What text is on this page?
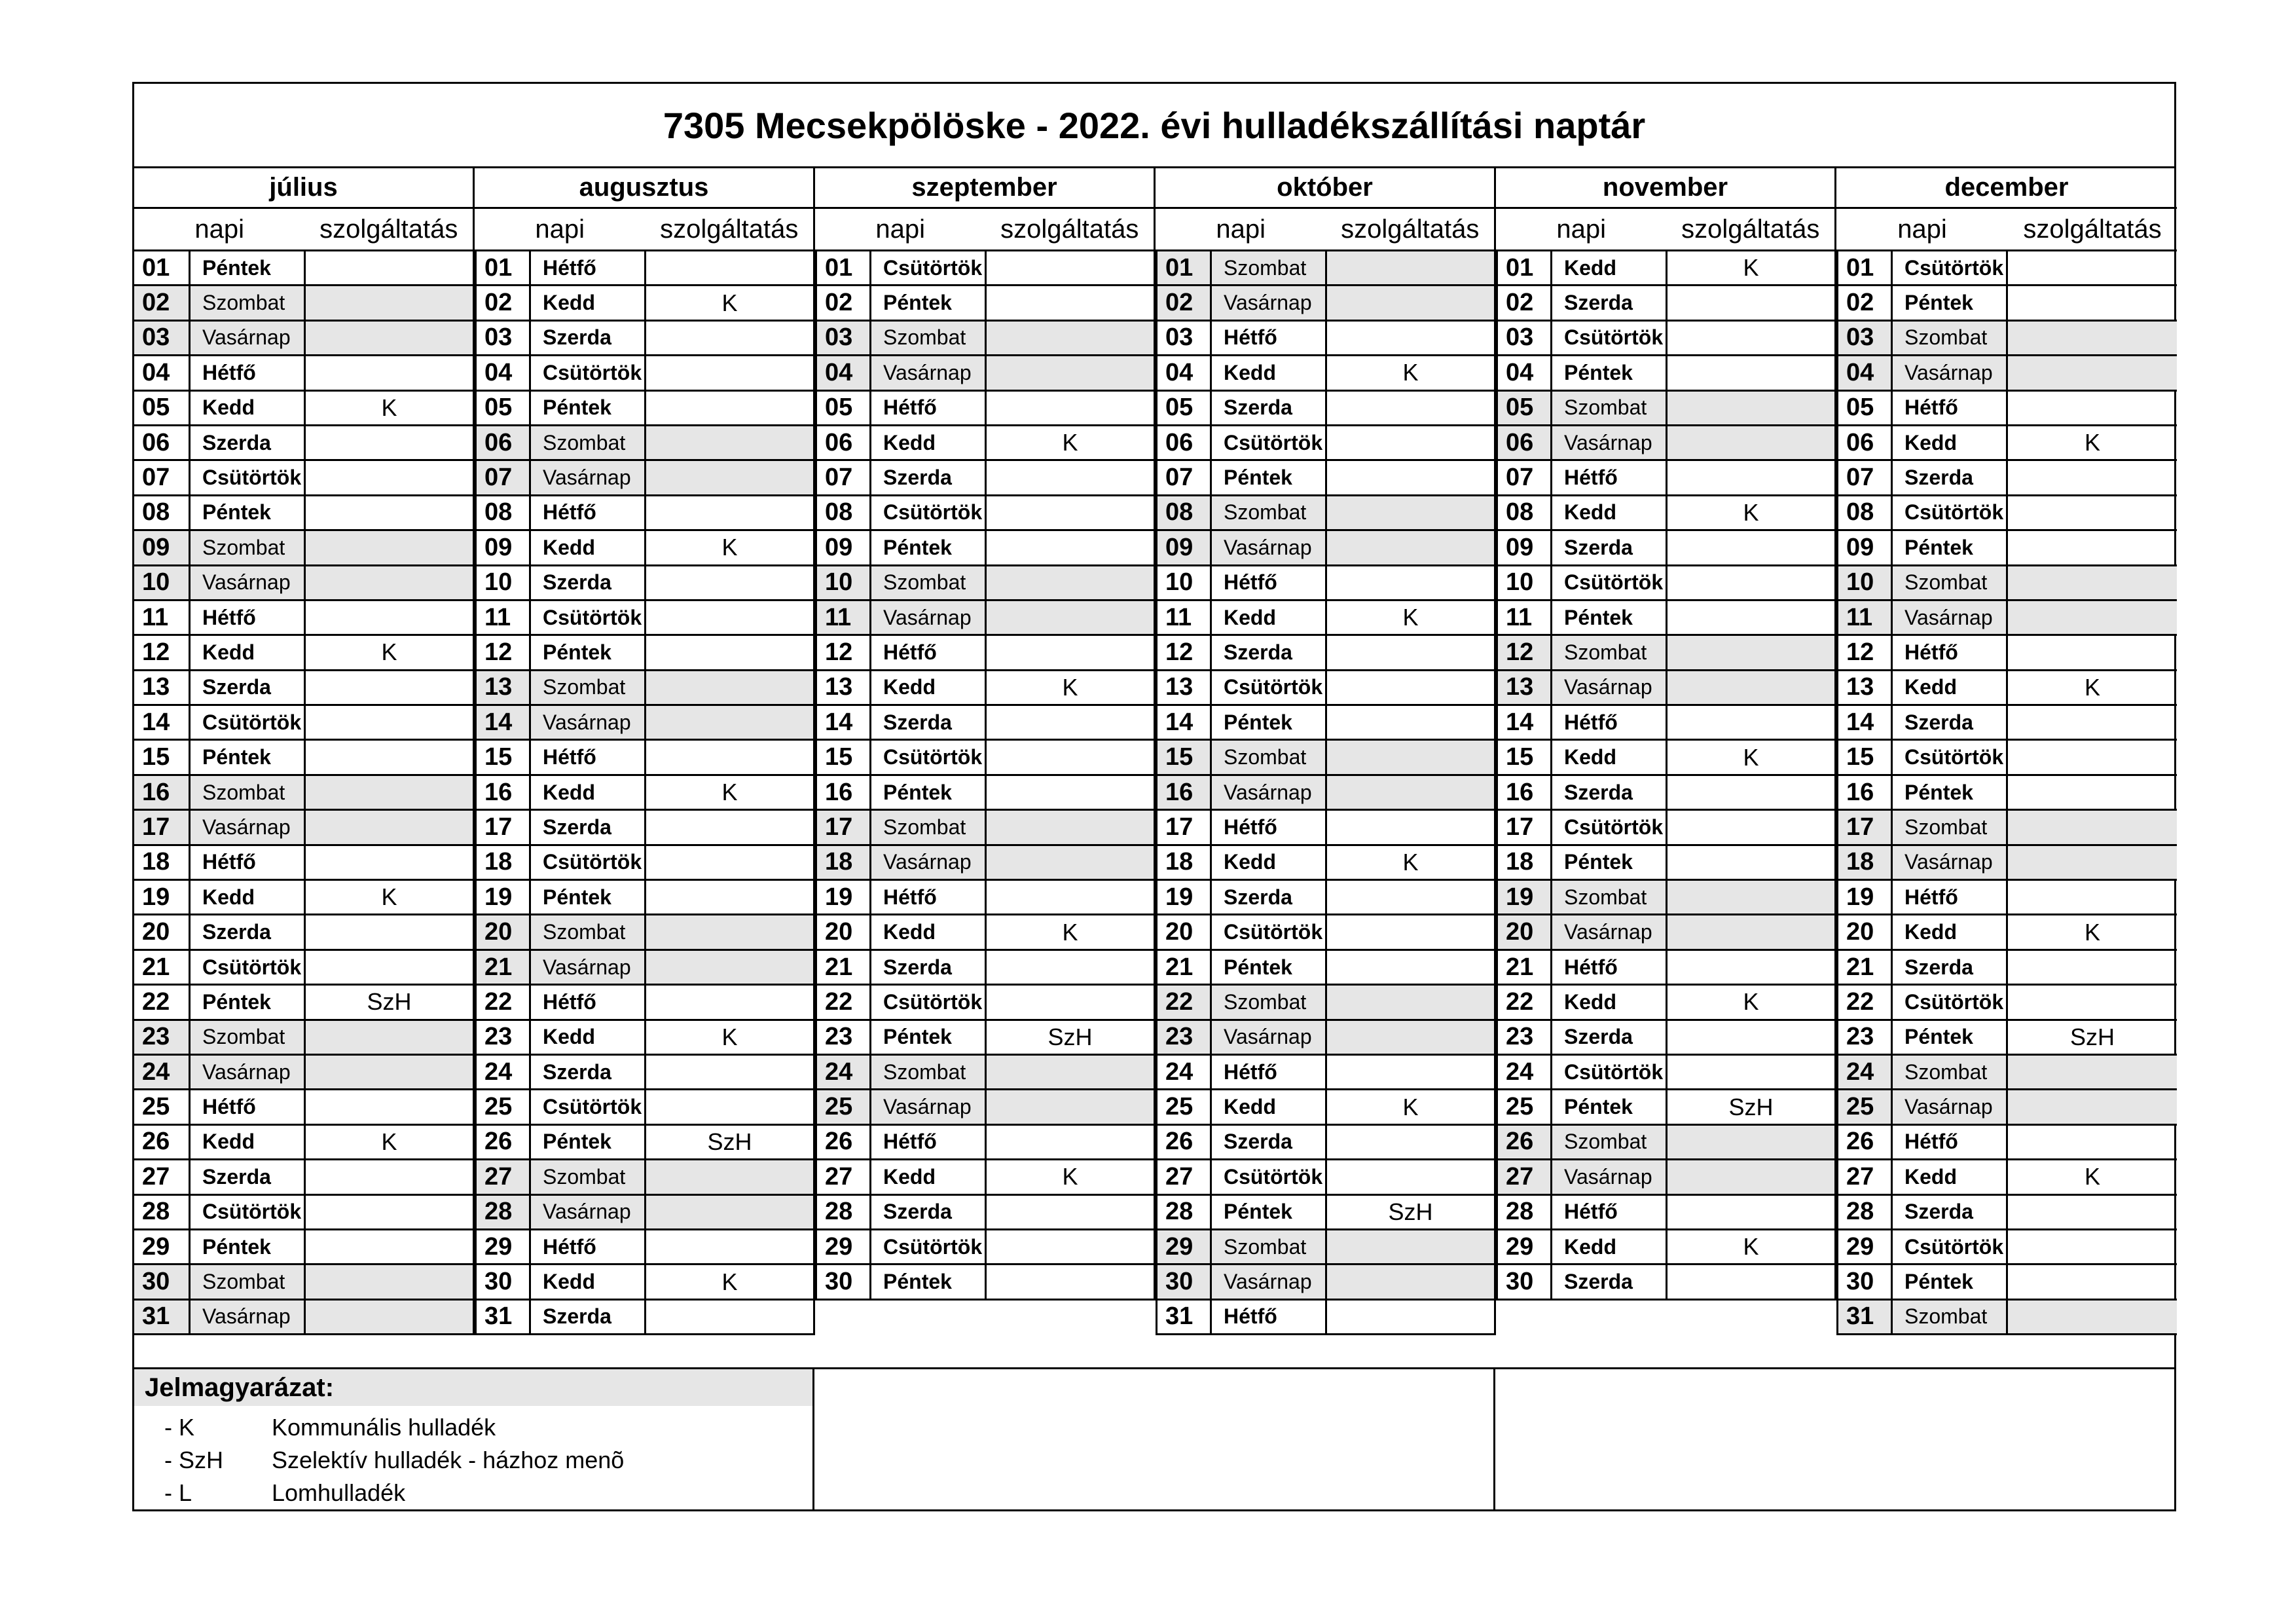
7305 Mecsekpölöske - 2022. évi hulladékszállítási naptár
július
napi	szolgáltatás
01	Péntek
02	Szombat
03	Vasárnap
04	Hétfő
05	Kedd	K
06	Szerda
07	Csütörtök
08	Péntek
09	Szombat
10	Vasárnap
11	Hétfő
12	Kedd	K
13	Szerda
14	Csütörtök
15	Péntek
16	Szombat
17	Vasárnap
18	Hétfő
19	Kedd	K
20	Szerda
21	Csütörtök
22	Péntek	SzH
23	Szombat
24	Vasárnap
25	Hétfő
26	Kedd	K
27	Szerda
28	Csütörtök
29	Péntek
30	Szombat
31	Vasárnap
augusztus
napi	szolgáltatás
01	Hétfő
02	Kedd	K
03	Szerda
04	Csütörtök
05	Péntek
06	Szombat
07	Vasárnap
08	Hétfő
09	Kedd	K
10	Szerda
11	Csütörtök
12	Péntek
13	Szombat
14	Vasárnap
15	Hétfő
16	Kedd	K
17	Szerda
18	Csütörtök
19	Péntek
20	Szombat
21	Vasárnap
22	Hétfő
23	Kedd	K
24	Szerda
25	Csütörtök
26	Péntek	SzH
27	Szombat
28	Vasárnap
29	Hétfő
30	Kedd	K
31	Szerda
szeptember
napi	szolgáltatás
01	Csütörtök
02	Péntek
03	Szombat
04	Vasárnap
05	Hétfő
06	Kedd	K
07	Szerda
08	Csütörtök
09	Péntek
10	Szombat
11	Vasárnap
12	Hétfő
13	Kedd	K
14	Szerda
15	Csütörtök
16	Péntek
17	Szombat
18	Vasárnap
19	Hétfő
20	Kedd	K
21	Szerda
22	Csütörtök
23	Péntek	SzH
24	Szombat
25	Vasárnap
26	Hétfő
27	Kedd	K
28	Szerda
29	Csütörtök
30	Péntek
október
napi	szolgáltatás
01	Szombat
02	Vasárnap
03	Hétfő
04	Kedd	K
05	Szerda
06	Csütörtök
07	Péntek
08	Szombat
09	Vasárnap
10	Hétfő
11	Kedd	K
12	Szerda
13	Csütörtök
14	Péntek
15	Szombat
16	Vasárnap
17	Hétfő
18	Kedd	K
19	Szerda
20	Csütörtök
21	Péntek
22	Szombat
23	Vasárnap
24	Hétfő
25	Kedd	K
26	Szerda
27	Csütörtök
28	Péntek	SzH
29	Szombat
30	Vasárnap
31	Hétfő
november
napi	szolgáltatás
01	Kedd	K
02	Szerda
03	Csütörtök
04	Péntek
05	Szombat
06	Vasárnap
07	Hétfő
08	Kedd	K
09	Szerda
10	Csütörtök
11	Péntek
12	Szombat
13	Vasárnap
14	Hétfő
15	Kedd	K
16	Szerda
17	Csütörtök
18	Péntek
19	Szombat
20	Vasárnap
21	Hétfő
22	Kedd	K
23	Szerda
24	Csütörtök
25	Péntek	SzH
26	Szombat
27	Vasárnap
28	Hétfő
29	Kedd	K
30	Szerda
december
napi	szolgáltatás
01	Csütörtök
02	Péntek
03	Szombat
04	Vasárnap
05	Hétfő
06	Kedd	K
07	Szerda
08	Csütörtök
09	Péntek
10	Szombat
11	Vasárnap
12	Hétfő
13	Kedd	K
14	Szerda
15	Csütörtök
16	Péntek
17	Szombat
18	Vasárnap
19	Hétfő
20	Kedd	K
21	Szerda
22	Csütörtök
23	Péntek	SzH
24	Szombat
25	Vasárnap
26	Hétfő
27	Kedd	K
28	Szerda
29	Csütörtök
30	Péntek
31	Szombat
Jelmagyarázat:
- K	Kommunális hulladék
- SzH	Szelektív hulladék - házhoz menõ
- L	Lomhulladék
